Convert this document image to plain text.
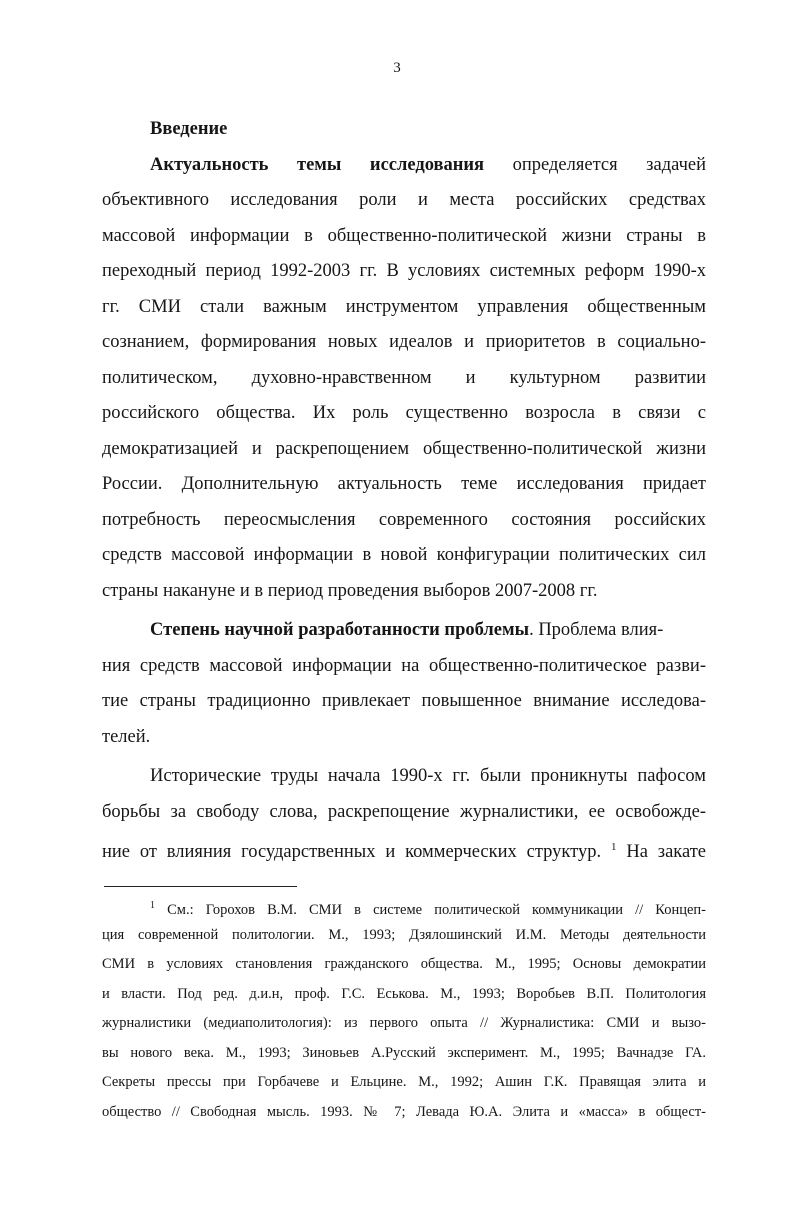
3
Введение
Актуальность темы исследования определяется задачей
объективного исследования роли и места российских средствах
массовой информации в общественно-политической жизни страны в
переходный период 1992-2003 гг. В условиях системных реформ 1990-х
гг. СМИ стали важным инструментом управления общественным
сознанием, формирования новых идеалов и приоритетов в социально-
политическом, духовно-нравственном и культурном развитии
российского общества. Их роль существенно возросла в связи с
демократизацией и раскрепощением общественно-политической жизни
России. Дополнительную актуальность теме исследования придает
потребность переосмысления современного состояния российских
средств массовой информации в новой конфигурации политических сил
страны накануне и в период проведения выборов 2007-2008 гг.
Степень научной разработанности проблемы. Проблема влия-
ния средств массовой информации на общественно-политическое разви-
тие страны традиционно привлекает повышенное внимание исследова-
телей.
Исторические труды начала 1990-х гг. были проникнуты пафосом
борьбы за свободу слова, раскрепощение журналистики, ее освобожде-
ние от влияния государственных и коммерческих структур. $^1$ На закате
$^1$ См.: Горохов В.М. СМИ в системе политической коммуникации // Концеп-
ция современной политологии. М., 1993; Дзялошинский И.М. Методы деятельности
СМИ в условиях становления гражданского общества. М., 1995; Основы демократии
и власти. Под ред. д.и.н, проф. Г.С. Еськова. М., 1993; Воробьев В.П. Политология
журналистики (медиаполитология): из первого опыта // Журналистика: СМИ и вызо-
вы нового века. М., 1993; Зиновьев А.Русский эксперимент. М., 1995; Вачнадзе ГА.
Секреты прессы при Горбачеве и Ельцине. М., 1992; Ашин Г.К. Правящая элита и
общество // Свободная мысль. 1993. № 7; Левада Ю.А. Элита и «масса» в общест-
